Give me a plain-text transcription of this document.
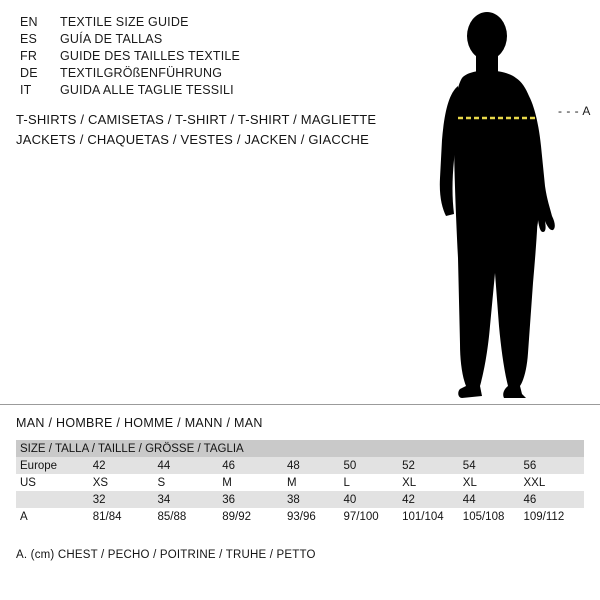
EN	TEXTILE SIZE GUIDE
ES	GUÍA DE TALLAS
FR	GUIDE DES TAILLES TEXTILE
DE	TEXTILGRÖßENFÜHRUNG
IT	GUIDA ALLE TAGLIE TESSILI
T-SHIRTS / CAMISETAS / T-SHIRT / T-SHIRT / MAGLIETTE
JACKETS / CHAQUETAS / VESTES / JACKEN / GIACCHE
- - - A
MAN / HOMBRE / HOMME / MANN / MAN
SIZE / TALLA / TAILLE / GRÖSSE / TAGLIA								
Europe	42	44	46	48	50	52	54	56
US	XS	S	M	M	L	XL	XL	XXL
	32	34	36	38	40	42	44	46
A	81/84	85/88	89/92	93/96	97/100	101/104	105/108	109/112
A. (cm) CHEST / PECHO / POITRINE / TRUHE / PETTO
